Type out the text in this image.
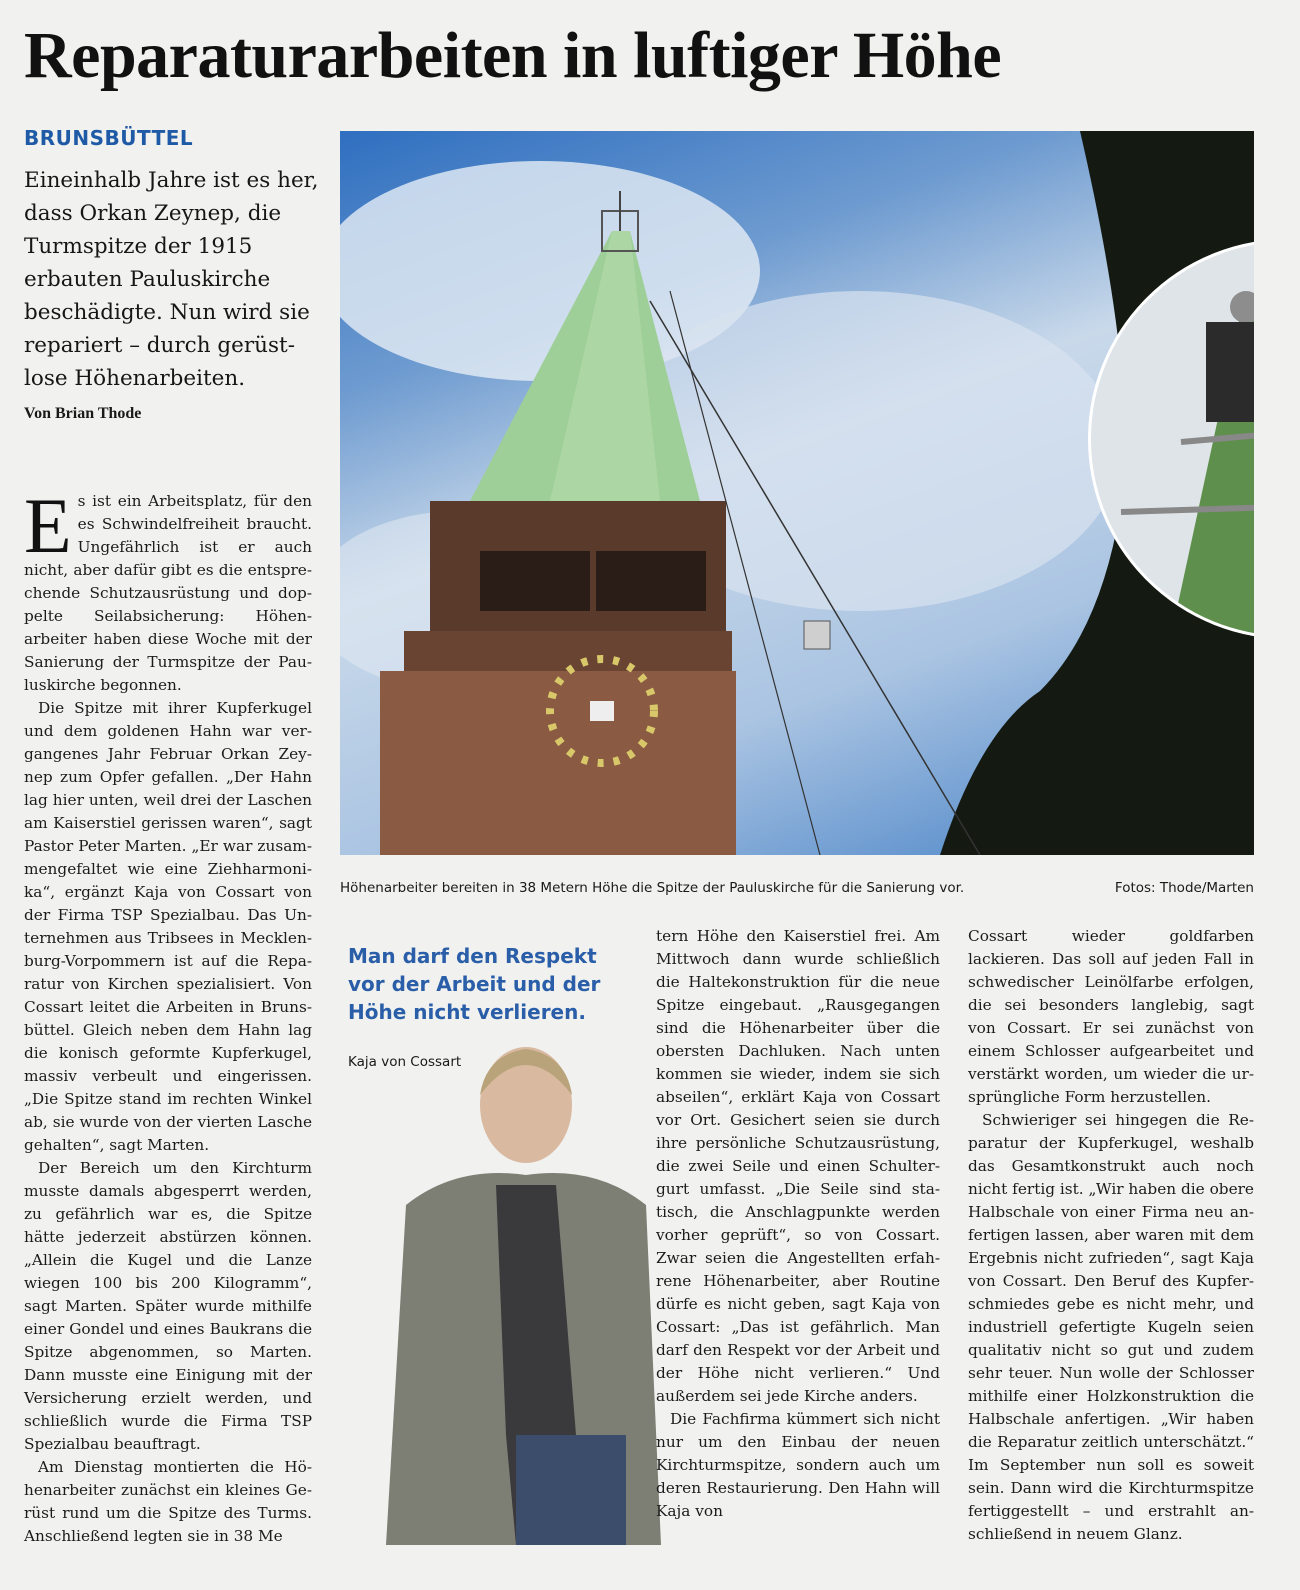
Reparaturarbeiten in luftiger Höhe
BRUNSBÜTTEL

Eineinhalb Jahre ist es her, dass Orkan Zeynep, die Turmspitze der 1915 erbauten Pauluskirche beschädigte. Nun wird sie repariert – durch gerüstlose Höhenarbeiten.

Von Brian Thode

Es ist ein Arbeitsplatz, für den es Schwindelfreiheit braucht. Ungefährlich ist er auch nicht, aber dafür gibt es die entsprechende Schutzausrüstung und doppelte Seilabsicherung: Höhenarbeiter haben diese Woche mit der Sanierung der Turmspitze der Pauluskirche begonnen.

Die Spitze mit ihrer Kupferkugel und dem goldenen Hahn war vergangenes Jahr Februar Orkan Zeynep zum Opfer gefallen. „Der Hahn lag hier unten, weil drei der Laschen am Kaiserstiel gerissen waren“, sagt Pastor Peter Marten. „Er war zusammengefaltet wie eine Ziehharmonika“, ergänzt Kaja von Cossart von der Firma TSP Spezialbau. Das Unternehmen aus Tribsees in Mecklenburg-Vorpommern ist auf die Reparatur von Kirchen spezialisiert. Von Cossart leitet die Arbeiten in Brunsbüttel. Gleich neben dem Hahn lag die konisch geformte Kupferkugel, massiv verbeult und eingerissen. „Die Spitze stand im rechten Winkel ab, sie wurde von der vierten Lasche gehalten“, sagt Marten.

Der Bereich um den Kirchturm musste damals abgesperrt werden, zu gefährlich war es, die Spitze hätte jederzeit abstürzen können. „Allein die Kugel und die Lanze wiegen 100 bis 200 Kilogramm“, sagt Marten. Später wurde mithilfe einer Gondel und eines Baukrans die Spitze abgenommen, so Marten. Dann musste eine Einigung mit der Versicherung erzielt werden, und schließlich wurde die Firma TSP Spezialbau beauftragt.

Am Dienstag montierten die Höhenarbeiter zunächst ein kleines Gerüst rund um die Spitze des Turms. Anschließend legten sie in 38 Me

Höhenarbeiter bereiten in 38 Metern Höhe die Spitze der Pauluskirche für die Sanierung vor.	Fotos: Thode/Marten

Man darf den Respekt vor der Arbeit und der Höhe nicht verlieren.

Kaja von Cossart

tern Höhe den Kaiserstiel frei. Am Mittwoch dann wurde schließlich die Haltekonstruktion für die neue Spitze eingebaut. „Rausgegangen sind die Höhenarbeiter über die obersten Dachluken. Nach unten kommen sie wieder, indem sie sich abseilen“, erklärt Kaja von Cossart vor Ort. Gesichert seien sie durch ihre persönliche Schutzausrüstung, die zwei Seile und einen Schultergurt umfasst. „Die Seile sind statisch, die Anschlagpunkte werden vorher geprüft“, so von Cossart. Zwar seien die Angestellten erfahrene Höhenarbeiter, aber Routine dürfe es nicht geben, sagt Kaja von Cossart: „Das ist gefährlich. Man darf den Respekt vor der Arbeit und der Höhe nicht verlieren.“ Und außerdem sei jede Kirche anders.

Die Fachfirma kümmert sich nicht nur um den Einbau der neuen Kirchturmspitze, sondern auch um deren Restaurierung. Den Hahn will Kaja von

Cossart wieder goldfarben lackieren. Das soll auf jeden Fall in schwedischer Leinölfarbe erfolgen, die sei besonders langlebig, sagt von Cossart. Er sei zunächst von einem Schlosser aufgearbeitet und verstärkt worden, um wieder die ursprüngliche Form herzustellen.

Schwieriger sei hingegen die Reparatur der Kupferkugel, weshalb das Gesamtkonstrukt auch noch nicht fertig ist. „Wir haben die obere Halbschale von einer Firma neu anfertigen lassen, aber waren mit dem Ergebnis nicht zufrieden“, sagt Kaja von Cossart. Den Beruf des Kupferschmiedes gebe es nicht mehr, und industriell gefertigte Kugeln seien qualitativ nicht so gut und zudem sehr teuer. Nun wolle der Schlosser mithilfe einer Holzkonstruktion die Halbschale anfertigen. „Wir haben die Reparatur zeitlich unterschätzt.“ Im September nun soll es soweit sein. Dann wird die Kirchturmspitze fertiggestellt – und erstrahlt anschließend in neuem Glanz.
